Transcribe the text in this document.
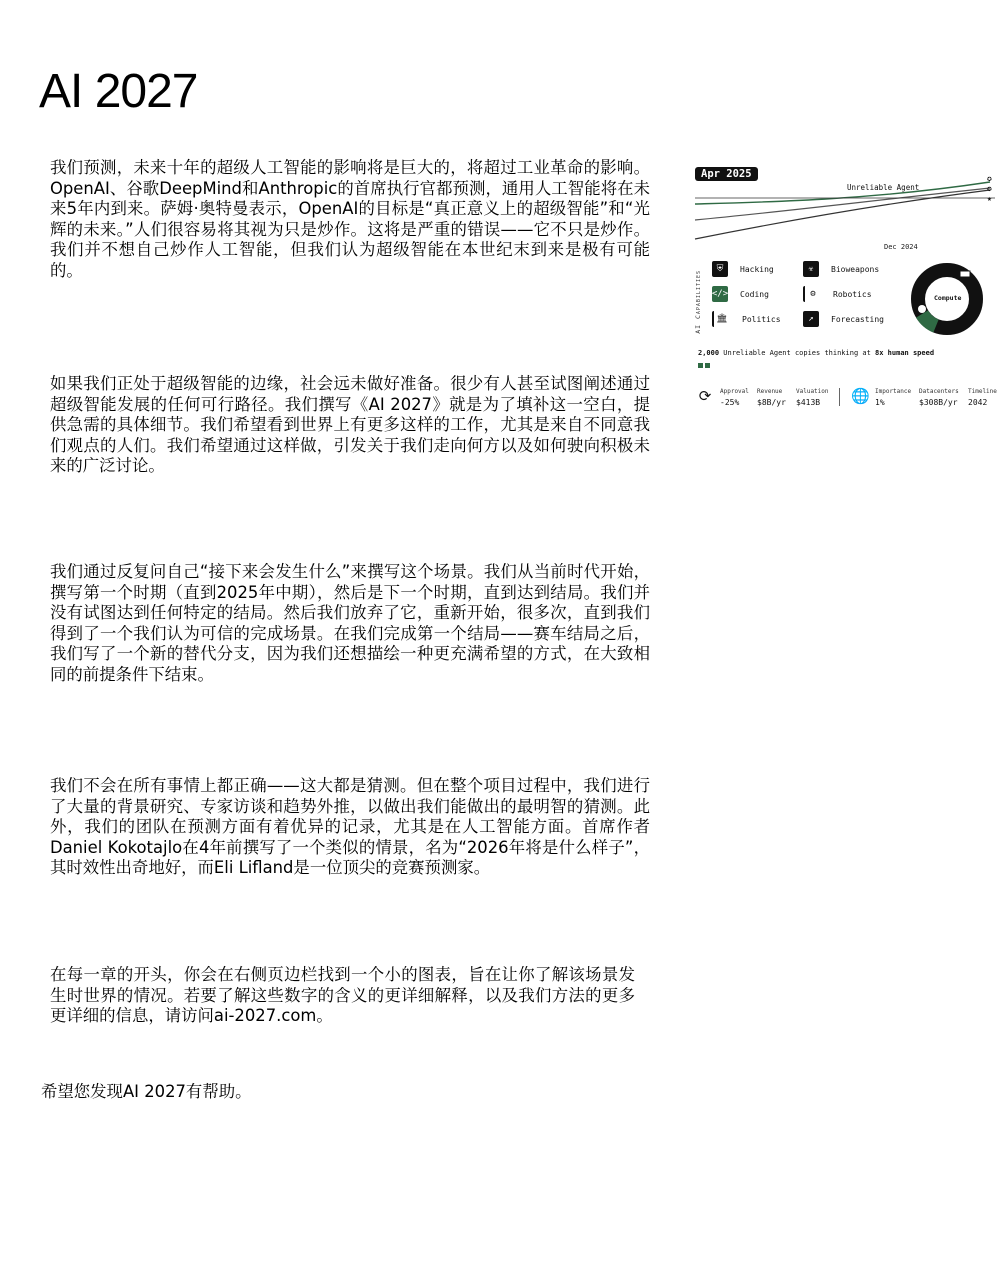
AI 2027

我们预测，未来十年的超级人工智能的影响将是巨大的，将超过工业革命的影响。OpenAI、谷歌DeepMind和Anthropic的首席执行官都预测，通用人工智能将在未来5年内到来。萨姆·奥特曼表示，OpenAI的目标是“真正意义上的超级智能”和“光辉的未来。”人们很容易将其视为只是炒作。这将是严重的错误——它不只是炒作。我们并不想自己炒作人工智能，但我们认为超级智能在本世纪末到来是极有可能的。

如果我们正处于超级智能的边缘，社会远未做好准备。很少有人甚至试图阐述通过超级智能发展的任何可行路径。我们撰写《AI 2027》就是为了填补这一空白，提供急需的具体细节。我们希望看到世界上有更多这样的工作，尤其是来自不同意我们观点的人们。我们希望通过这样做，引发关于我们走向何方以及如何驶向积极未来的广泛讨论。

我们通过反复问自己“接下来会发生什么”来撰写这个场景。我们从当前时代开始，撰写第一个时期（直到2025年中期），然后是下一个时期，直到达到结局。我们并没有试图达到任何特定的结局。然后我们放弃了它，重新开始，很多次，直到我们得到了一个我们认为可信的完成场景。在我们完成第一个结局——赛车结局之后，我们写了一个新的替代分支，因为我们还想描绘一种更充满希望的方式，在大致相同的前提条件下结束。

我们不会在所有事情上都正确——这大都是猜测。但在整个项目过程中，我们进行了大量的背景研究、专家访谈和趋势外推，以做出我们能做出的最明智的猜测。此外，我们的团队在预测方面有着优异的记录，尤其是在人工智能方面。首席作者Daniel Kokotajlo在4年前撰写了一个类似的情景，名为“2026年将是什么样子”，其时效性出奇地好，而Eli Lifland是一位顶尖的竞赛预测家。

在每一章的开头，你会在右侧页边栏找到一个小的图表，旨在让你了解该场景发生时世界的情况。若要了解这些数字的含义的更详细解释，以及我们方法的更多更详细的信息，请访问ai-2027.com。

希望您发现AI 2027有帮助。

Apr 2025
Unreliable Agent
Dec 2024
✪
✪
★
AI Capabilities
⛨	Hacking	☣	Bioweapons
</> Coding	⚙	Robotics
🏛 Politics	↗	Forecasting
Compute
2,000 Unreliable Agent copies thinking at 8x human speed
⟳ Approval
-25%
Revenue
$8B/yr
Valuation
$413B	🌐 Importance
1%
Datacenters
$308B/yr
Timeline
2042
